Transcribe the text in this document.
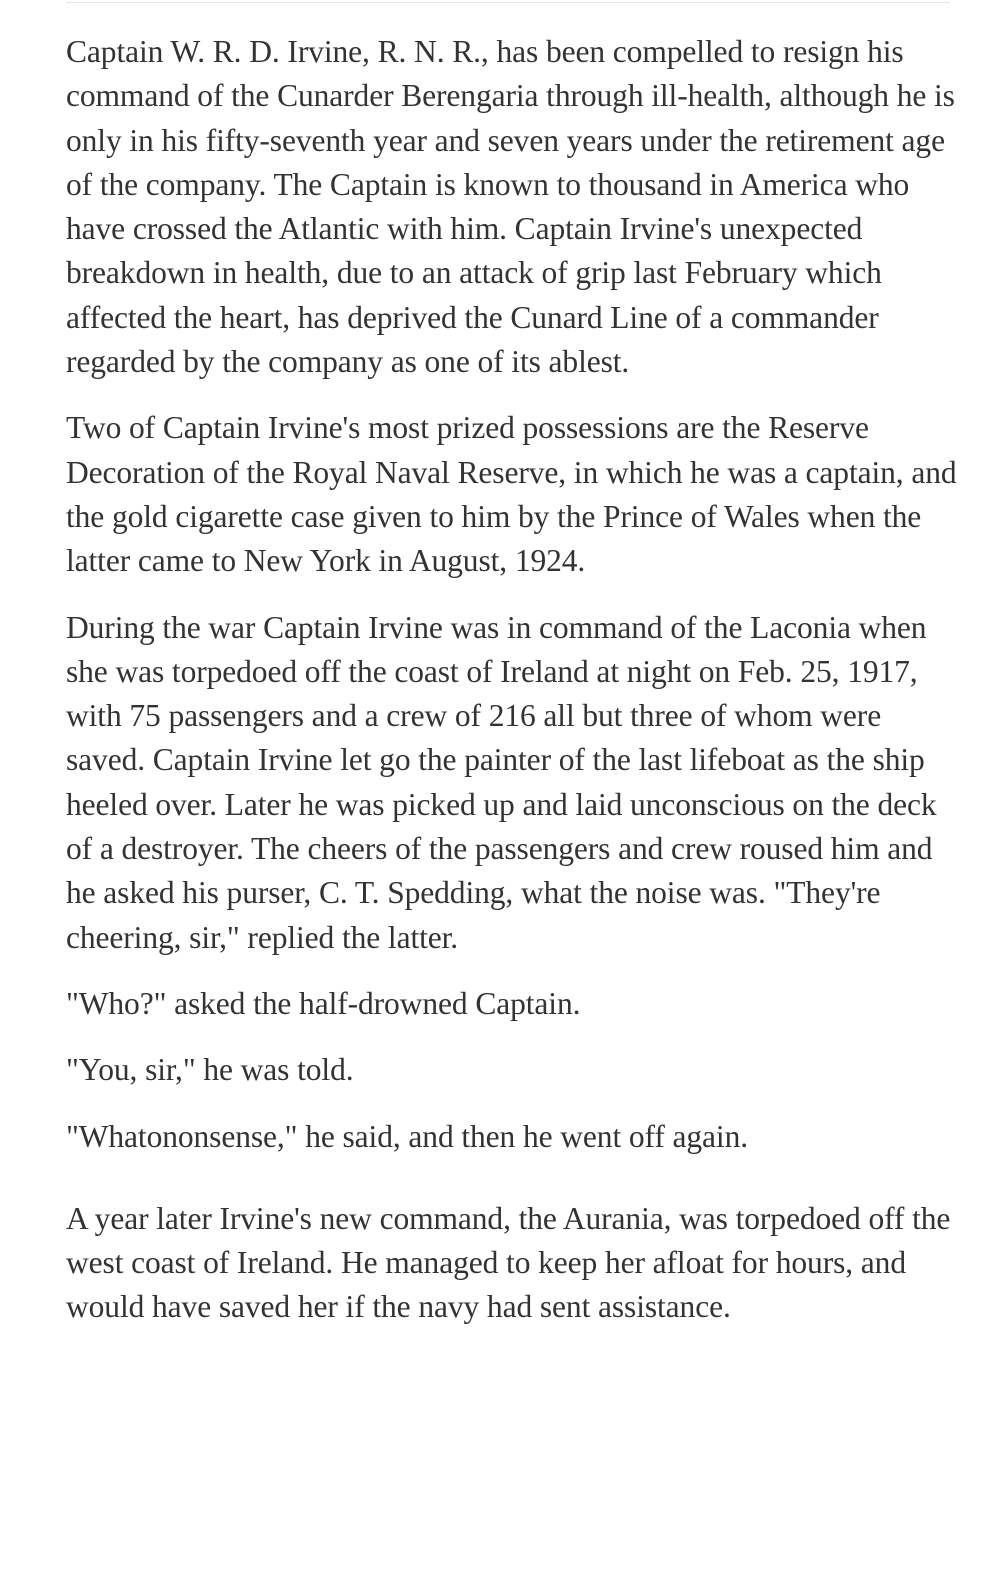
Captain W. R. D. Irvine, R. N. R., has been compelled to resign his command of the Cunarder Berengaria through ill-health, although he is only in his fifty-seventh year and seven years under the retirement age of the company. The Captain is known to thousand in America who have crossed the Atlantic with him. Captain Irvine's unexpected breakdown in health, due to an attack of grip last February which affected the heart, has deprived the Cunard Line of a commander regarded by the company as one of its ablest.

Two of Captain Irvine's most prized possessions are the Reserve Decoration of the Royal Naval Reserve, in which he was a captain, and the gold cigarette case given to him by the Prince of Wales when the latter came to New York in August, 1924.

During the war Captain Irvine was in command of the Laconia when she was torpedoed off the coast of Ireland at night on Feb. 25, 1917, with 75 passengers and a crew of 216 all but three of whom were saved. Captain Irvine let go the painter of the last lifeboat as the ship heeled over. Later he was picked up and laid unconscious on the deck of a destroyer. The cheers of the passengers and crew roused him and he asked his purser, C. T. Spedding, what the noise was. "They're cheering, sir," replied the latter.

"Who?" asked the half-drowned Captain.

"You, sir," he was told.

"Whatononsense," he said, and then he went off again.

A year later Irvine's new command, the Aurania, was torpedoed off the west coast of Ireland. He managed to keep her afloat for hours, and would have saved her if the navy had sent assistance.
